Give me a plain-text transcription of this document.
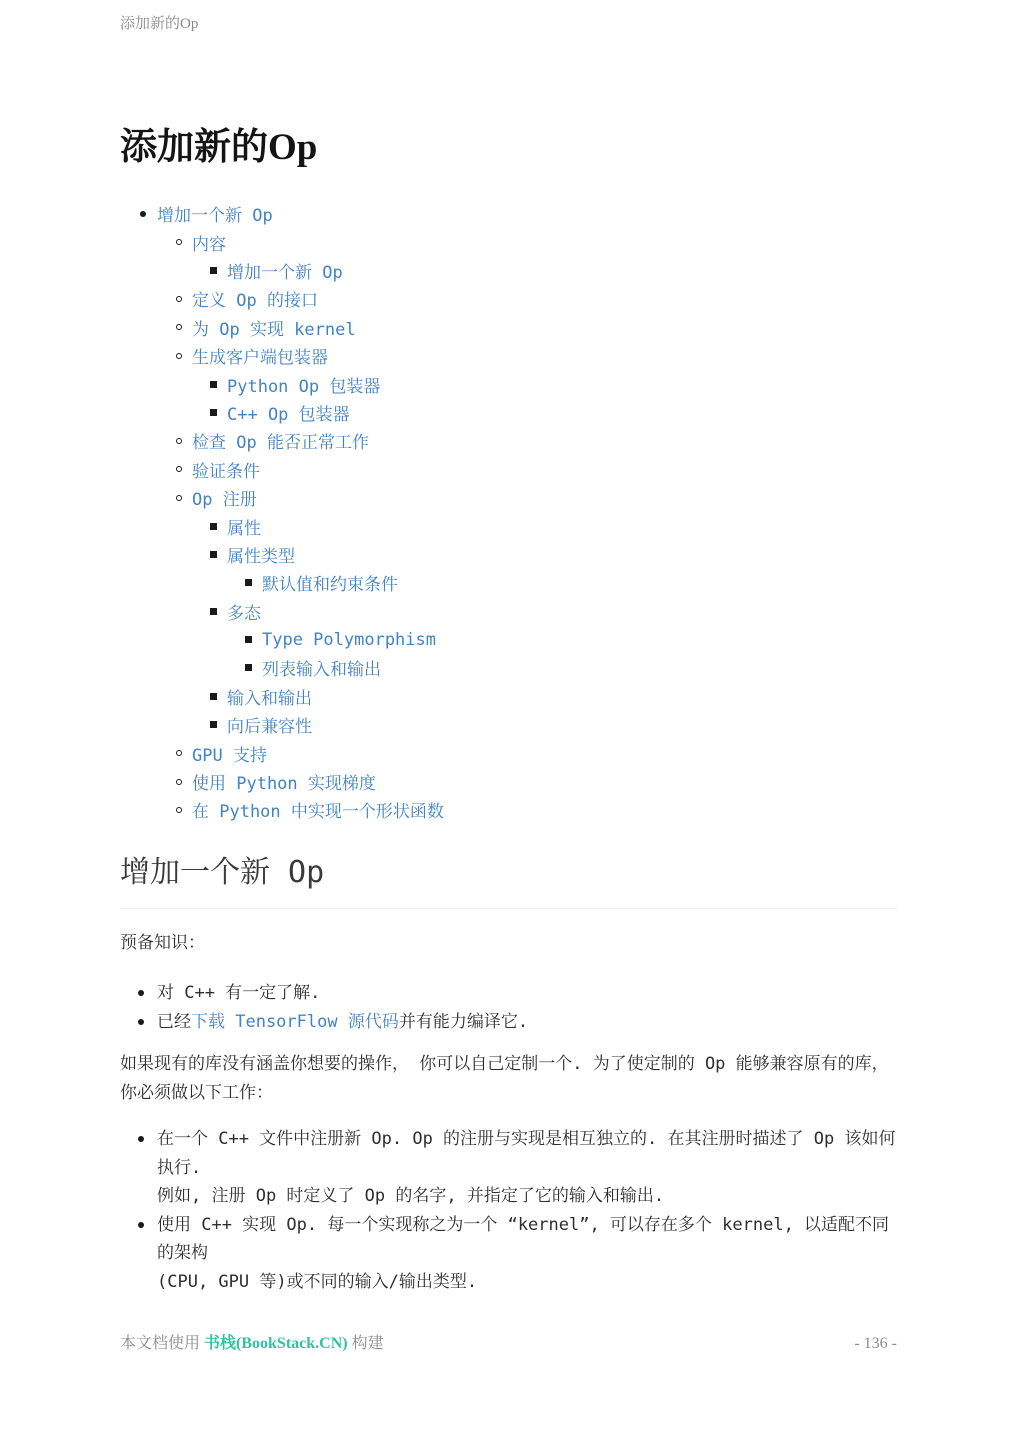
添加新的Op
添加新的Op
增加一个新 Op
内容
增加一个新 Op
定义 Op 的接口
为 Op 实现 kernel
生成客户端包装器
Python Op 包装器
C++ Op 包装器
检查 Op 能否正常工作
验证条件
Op 注册
属性
属性类型
默认值和约束条件
多态
Type Polymorphism
列表输入和输出
输入和输出
向后兼容性
GPU 支持
使用 Python 实现梯度
在 Python 中实现一个形状函数
增加一个新 Op

预备知识：

对 C++ 有一定了解.
已经下载 TensorFlow 源代码并有能力编译它.

如果现有的库没有涵盖你想要的操作， 你可以自己定制一个. 为了使定制的 Op 能够兼容原有的库， 你必须做以下工作：

在一个 C++ 文件中注册新 Op. Op 的注册与实现是相互独立的. 在其注册时描述了 Op 该如何执行.
例如, 注册 Op 时定义了 Op 的名字, 并指定了它的输入和输出.
使用 C++ 实现 Op. 每一个实现称之为一个 “kernel”, 可以存在多个 kernel, 以适配不同的架构
(CPU, GPU 等)或不同的输入/输出类型.
本文档使用 书栈(BookStack.CN) 构建	- 136 -
